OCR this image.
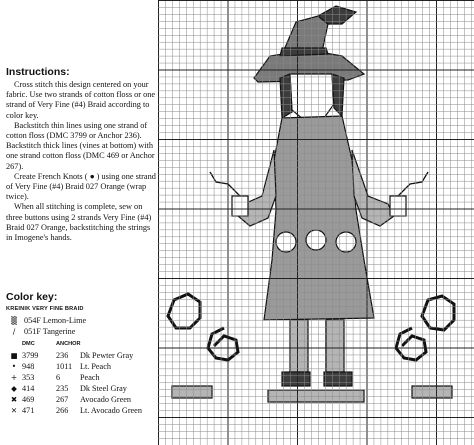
Instructions:

Cross stitch this design centered on your fabric. Use two strands of cotton floss or one strand of Very Fine (#4) Braid according to color key.

Backstitch thin lines using one strand of cotton floss (DMC 3799 or Anchor 236). Backstitch thick lines (vines at bottom) with one strand cotton floss (DMC 469 or Anchor 267).

Create French Knots ( ● ) using one strand of Very Fine (#4) Braid 027 Orange (wrap twice).

When all stitching is complete, sew on three buttons using 2 strands Very Fine (#4) Braid 027 Orange, backstitching the strings in Imogene's hands.

Color key:
KREINIK VERY FINE BRAID
▒ 054F Lemon-Lime
∕ 051F Tangerine
DMC	ANCHOR
■ 3799 236 Dk Pewter Gray
• 948	1011 Lt. Peach
+ 353	6 Peach
◆ 414	235 Dk Steel Gray
✖ 469	267 Avocado Green
✕ 471	266 Lt. Avocado Green
